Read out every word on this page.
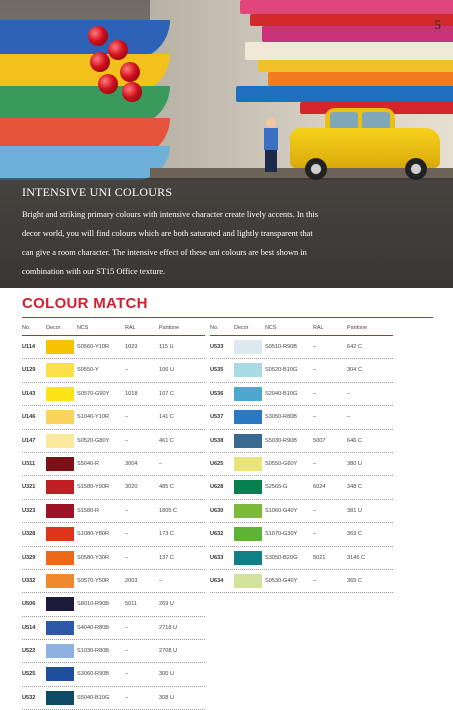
5
INTENSIVE UNI COLOURS

Bright and striking primary colours with intensive character create lively accents. In this decor world, you will find colours which are both saturated and lightly transparent that can give a room character. The intensive effect of these uni colours are best shown in combination with our ST15 Office texture.

COLOUR MATCH
No.	Decor	NCS	RAL	Pantone
U114	S0560-Y10R	1023	115 U
U129	S0550-Y	–	106 U
U143	S0570-G90Y	1018	107 C
U146	S1040-Y10R	–	141 C
U147	S0520-G80Y	–	461 C
U311	S5040-R	3004	–
U321	S1580-Y90R	3020	485 C
U323	S1580-R	–	1805 C
U328	S1080-Y80R	–	173 C
U329	S0580-Y30R	–	137 C
U332	S0570-Y50R	2003	–
U506	S8010-R90B	5011	269 U
U514	S4040-R80B	–	2718 U
U522	S1030-R80B	–	2708 U
U525	S3060-R90B	–	300 U
U532	S5040-B10G	–	308 U
No.	Decor	NCS	RAL	Pantone
U533	S0510-R90B	–	642 C
U535	S0520-B10G	–	304 C
U536	S2040-B10G	–	–
U537	S3050-R80B	–	–
U538	S5030-R90B	5007	646 C
U625	S0550-G60Y	–	380 U
U628	S2565-G	6024	348 C
U630	S1060-G40Y	–	381 U
U632	S1070-G30Y	–	369 C
U633	S3050-B20G	5021	3145 C
U634	S0530-G40Y	–	365 C
